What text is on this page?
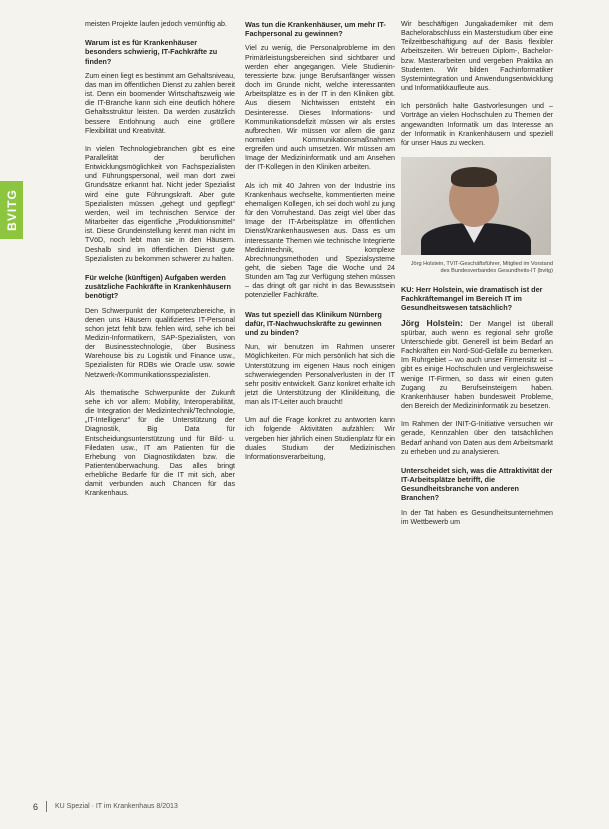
BVITG

meisten Projekte laufen jedoch vernünftig ab.

Warum ist es für Krankenhäuser besonders schwierig, IT-Fachkräfte zu finden?

Zum einen liegt es bestimmt am Gehaltsniveau, das man im öffentlichen Dienst zu zahlen bereit ist. Denn ein boomender Wirtschaftszweig wie die IT-Branche kann sich eine deutlich höhere Gehaltsstruktur leisten. Da werden zusätzlich bessere Entlohnung auch eine größere Flexibilität und Kreativität.

In vielen Technologiebranchen gibt es eine Parallelität der beruflichen Entwicklungsmöglichkeit von Fachspezialisten und Führungspersonal, weil man dort zwei Grundsätze erkannt hat. Nicht jeder Spezialist wird eine gute Führungskraft. Aber gute Spezialisten müssen „gehegt und gepflegt“ werden, weil im technischen Service der Mitarbeiter das eigentliche „Produktionsmittel“ ist. Diese Grundeinstellung kennt man nicht im TVöD, noch lebt man sie in den Häusern. Deshalb sind im öffentlichen Dienst gute Spezialisten zu bekommen schwerer zu halten.

Für welche (künftigen) Aufgaben werden zusätzliche Fachkräfte in Krankenhäusern benötigt?

Den Schwerpunkt der Kompetenzbereiche, in denen uns Häusern qualifiziertes IT-Personal schon jetzt fehlt bzw. fehlen wird, sehe ich bei Medizin-Informatikern, SAP-Spezialisten, von der Businesstechnologie, über Business Warehouse bis zu Logistik und Finance usw., Spezialisten für RDBs wie Oracle usw. sowie Netzwerk-/Kommunikationsspezialisten.

Als thematische Schwerpunkte der Zukunft sehe ich vor allem: Mobility, Interoperabilität, die Integration der Medizintechnik/Technologie, „IT-Intelligenz“ für die Unterstützung der Diagnostik, Big Data für Entscheidungsunterstützung und für Bild- u. Filedaten usw., IT am Patienten für die Erhebung von Diagnostikdaten bzw. die Patientenüberwachung. Das alles bringt erhebliche Bedarfe für die IT mit sich, aber damit verbunden auch Chancen für das Krankenhaus.

Was tun die Krankenhäuser, um mehr IT-Fachpersonal zu gewinnen?

Viel zu wenig, die Personalprobleme im den Primärleistungsbereichen sind sichtbarer und werden eher angegangen. Viele Studienin-teressierte bzw. junge Berufsanfänger wissen doch im Grunde nicht, welche interessanten Arbeitsplätze es in der IT in den Kliniken gibt. Aus diesem Nichtwissen entsteht ein Desinteresse. Dieses Informations- und Kommunikationsdefizit müssen wir als erstes aufbrechen. Wir müssen vor allem die ganz normalen Kommunikationsmaßnahmen ergreifen und auch umsetzen. Wir müssen am Image der Medizininformatik und am Ansehen der IT-Kollegen in den Kliniken arbeiten.

Als ich mit 40 Jahren von der Industrie ins Krankenhaus wechselte, kommentierten meine ehemaligen Kollegen, ich sei doch wohl zu jung für den Vorruhestand. Das zeigt viel über das Image der IT-Arbeitsplätze im öffentlichen Dienst/Krankenhauswesen aus. Dass es um interessante Themen wie technische Integrierte Medizintechnik, komplexe Abrechnungsmethoden und Spezialsysteme geht, die sieben Tage die Woche und 24 Stunden am Tag zur Verfügung stehen müssen – das dringt oft gar nicht in das Bewusstsein potenzieller Fachkräfte.

Was tut speziell das Klinikum Nürnberg dafür, IT-Nachwuchskräfte zu gewinnen und zu binden?

Nun, wir benutzen im Rahmen unserer Möglichkeiten. Für mich persönlich hat sich die Unterstützung im eigenen Haus noch einigen schwerwiegenden Personalverlusten in der IT sehr positiv entwickelt. Ganz konkret erhalte ich jetzt die Unterstützung der Klinikleitung, die man als IT-Leiter auch braucht!

Um auf die Frage konkret zu antworten kann ich folgende Aktivitäten aufzählen: Wir vergeben hier jährlich einen Studienplatz für ein duales Studium der Medizinischen Informationsverarbeitung,

Wir beschäftigen Jungakademiker mit dem Bachelorabschluss ein Masterstudium über eine Teilzeitbeschäftigung auf der Basis flexibler Arbeitszeiten. Wir betreuen Diplom-, Bachelor- bzw. Masterarbeiten und vergeben Praktika an Studenten. Wir bilden Fachinformatiker Systemintegration und Anwendungsentwicklung und Informatikkaufleute aus.

Ich persönlich halte Gastvorlesungen und – Vorträge an vielen Hochschulen zu Themen der angewandten Informatik um das Interesse an der Informatik in Krankenhäusern und speziell für unser Haus zu wecken.

Jörg Holstein, TVIT-Geschäftsführer, Mitglied im Vorstand des Bundesverbandes Gesundheits-IT (bvitg)
KU: Herr Holstein, wie dramatisch ist der Fachkräftemangel im Bereich IT im Gesundheitswesen tatsächlich?

Jörg Holstein: Der Mangel ist überall spürbar, auch wenn es regional sehr große Unterschiede gibt. Generell ist beim Bedarf an Fachkräften ein Nord-Süd-Gefälle zu bemerken. Im Ruhrgebiet – wo auch unser Firmensitz ist – gibt es einige Hochschulen und vergleichsweise wenige IT-Firmen, so dass wir einen guten Zugang zu Berufseinsteigern haben. Krankenhäuser haben bundesweit Probleme, den Bereich der Medizininformatik zu besetzen.

Im Rahmen der INIT-G-Initiative versuchen wir gerade, Kennzahlen über den tatsächlichen Bedarf anhand von Daten aus dem Arbeitsmarkt zu erheben und zu analysieren.

Unterscheidet sich, was die Attraktivität der IT-Arbeitsplätze betrifft, die Gesundheitsbranche von anderen Branchen?

In der Tat haben es Gesundheitsunternehmen im Wettbewerb um

6 KU Spezial · IT im Krankenhaus 8/2013
